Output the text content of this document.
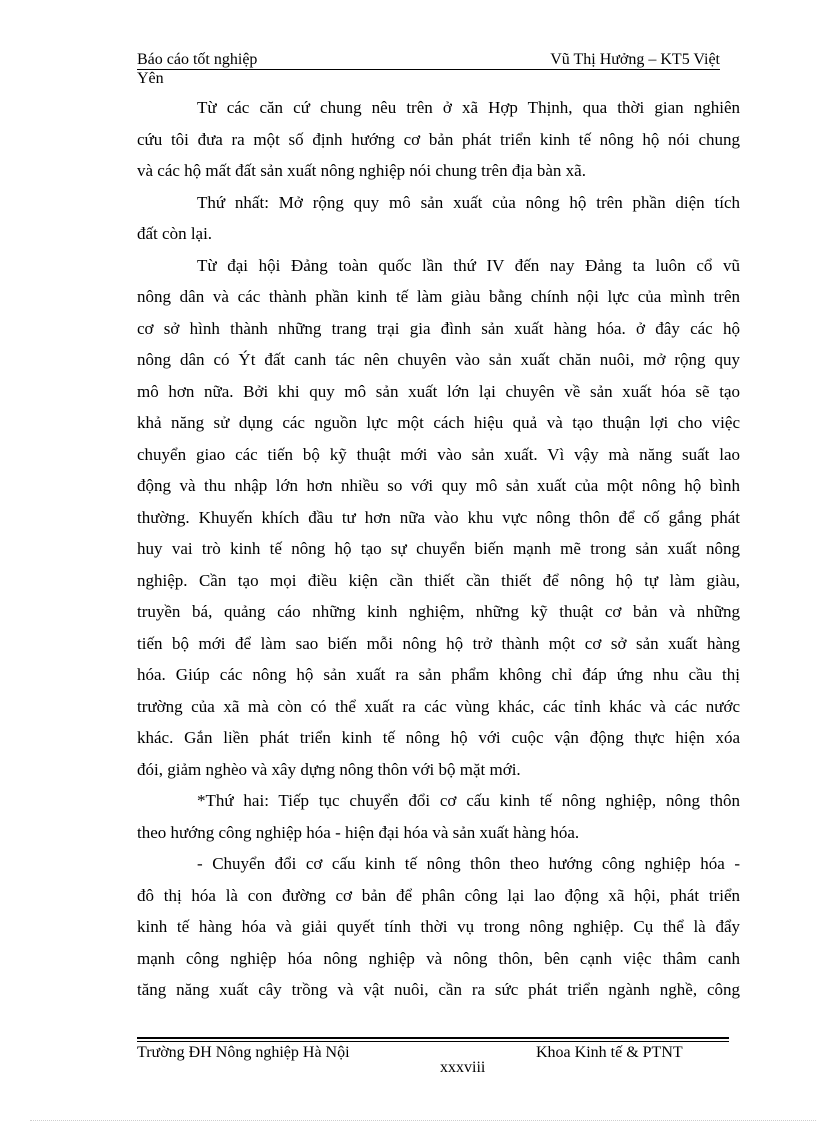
Báo cáo tốt nghiệp	Vũ Thị Hưởng – KT5 Việt
Yên
Từ các căn cứ chung nêu trên ở xã Hợp Thịnh, qua thời gian nghiên
cứu tôi đưa ra một số định hướng cơ bản phát triển kinh tế nông hộ nói chung
và các hộ mất đất sản xuất nông nghiệp nói chung trên địa bàn xã.
Thứ nhất: Mở rộng quy mô sản xuất của nông hộ trên phần diện tích
đất còn lại.
Từ đại hội Đảng toàn quốc lần thứ IV đến nay Đảng ta luôn cổ vũ
nông dân và các thành phần kinh tế làm giàu bằng chính nội lực của mình trên
cơ sở hình thành những trang trại gia đình sản xuất hàng hóa. ở đây các hộ
nông dân có Ýt đất canh tác nên chuyên vào sản xuất chăn nuôi, mở rộng quy
mô hơn nữa. Bởi khi quy mô sản xuất lớn lại chuyên về sản xuất hóa sẽ tạo
khả năng sử dụng các nguồn lực một cách hiệu quả và tạo thuận lợi cho việc
chuyển giao các tiến bộ kỹ thuật mới vào sản xuất. Vì vậy mà năng suất lao
động và thu nhập lớn hơn nhiều so với quy mô sản xuất của một nông hộ bình
thường. Khuyến khích đầu tư hơn nữa vào khu vực nông thôn để cố gắng phát
huy vai trò kinh tế nông hộ tạo sự chuyển biến mạnh mẽ trong sản xuất nông
nghiệp. Cần tạo mọi điều kiện cần thiết cần thiết để nông hộ tự làm giàu,
truyền bá, quảng cáo những kinh nghiệm, những kỹ thuật cơ bản và những
tiến bộ mới để làm sao biến mỗi nông hộ trở thành một cơ sở sản xuất hàng
hóa. Giúp các nông hộ sản xuất ra sản phẩm không chỉ đáp ứng nhu cầu thị
trường của xã mà còn có thể xuất ra các vùng khác, các tỉnh khác và các nước
khác. Gắn liền phát triển kinh tế nông hộ với cuộc vận động thực hiện xóa
đói, giảm nghèo và xây dựng nông thôn với bộ mặt mới.
*Thứ hai: Tiếp tục chuyển đổi cơ cấu kinh tế nông nghiệp, nông thôn
theo hướng công nghiệp hóa - hiện đại hóa và sản xuất hàng hóa.
- Chuyển đổi cơ cấu kinh tế nông thôn theo hướng công nghiệp hóa -
đô thị hóa là con đường cơ bản để phân công lại lao động xã hội, phát triển
kinh tế hàng hóa và giải quyết tính thời vụ trong nông nghiệp. Cụ thể là đẩy
mạnh công nghiệp hóa nông nghiệp và nông thôn, bên cạnh việc thâm canh
tăng năng xuất cây trồng và vật nuôi, cần ra sức phát triển ngành nghề, công
Trường ĐH Nông nghiệp Hà Nội	Khoa Kinh tế & PTNT
xxxviii
